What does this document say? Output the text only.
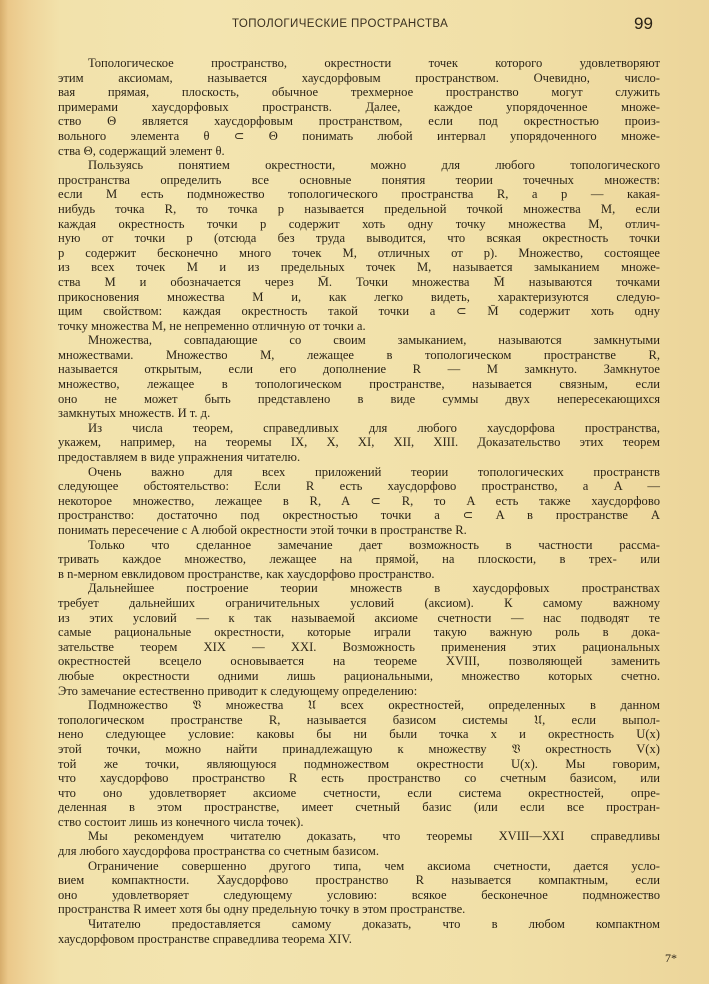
ТОПОЛОГИЧЕСКИЕ ПРОСТРАНСТВА	99
Топологическое пространство, окрестности точек которого удовлетворяют
этим аксиомам, называется хаусдорфовым пространством. Очевидно, число-
вая прямая, плоскость, обычное трехмерное пространство могут служить
примерами хаусдорфовых пространств. Далее, каждое упорядоченное множе-
ство Θ является хаусдорфовым пространством, если под окрестностью произ-
вольного элемента θ ⊂ Θ понимать любой интервал упорядоченного множе-
ства Θ, содержащий элемент θ.
Пользуясь понятием окрестности, можно для любого топологического
пространства определить все основные понятия теории точечных множеств:
если M есть подмножество топологического пространства R, а p — какая-
нибудь точка R, то точка p называется предельной точкой множества M, если
каждая окрестность точки p содержит хоть одну точку множества M, отлич-
ную от точки p (отсюда без труда выводится, что всякая окрестность точки
p содержит бесконечно много точек M, отличных от p). Множество, состоящее
из всех точек M и из предельных точек M, называется замыканием множе-
ства M и обозначается через M̄. Точки множества M̄ называются точками
прикосновения множества M и, как легко видеть, характеризуются следую-
щим свойством: каждая окрестность такой точки a ⊂ M̄ содержит хоть одну
точку множества M, не непременно отличную от точки a.
Множества, совпадающие со своим замыканием, называются замкнутыми
множествами. Множество M, лежащее в топологическом пространстве R,
называется открытым, если его дополнение R — M замкнуто. Замкнутое
множество, лежащее в топологическом пространстве, называется связным, если
оно не может быть представлено в виде суммы двух непересекающихся
замкнутых множеств. И т. д.
Из числа теорем, справедливых для любого хаусдорфова пространства,
укажем, например, на теоремы IX, X, XI, XII, XIII. Доказательство этих теорем
предоставляем в виде упражнения читателю.
Очень важно для всех приложений теории топологических пространств
следующее обстоятельство: Если R есть хаусдорфово пространство, а A —
некоторое множество, лежащее в R, A ⊂ R, то A есть также хаусдорфово
пространство: достаточно под окрестностью точки a ⊂ A в пространстве A
понимать пересечение с A любой окрестности этой точки в пространстве R.
Только что сделанное замечание дает возможность в частности рассма-
тривать каждое множество, лежащее на прямой, на плоскости, в трех- или
в n-мерном евклидовом пространстве, как хаусдорфово пространство.
Дальнейшее построение теории множеств в хаусдорфовых пространствах
требует дальнейших ограничительных условий (аксиом). К самому важному
из этих условий — к так называемой аксиоме счетности — нас подводят те
самые рациональные окрестности, которые играли такую важную роль в дока-
зательстве теорем XIX — XXI. Возможность применения этих рациональных
окрестностей всецело основывается на теореме XVIII, позволяющей заменить
любые окрестности одними лишь рациональными, множество которых счетно.
Это замечание естественно приводит к следующему определению:
Подмножество 𝔙 множества 𝔘 всех окрестностей, определенных в данном
топологическом пространстве R, называется базисом системы 𝔘, если выпол-
нено следующее условие: каковы бы ни были точка x и окрестность U(x)
этой точки, можно найти принадлежащую к множеству 𝔙 окрестность V(x)
той же точки, являющуюся подмножеством окрестности U(x). Мы говорим,
что хаусдорфово пространство R есть пространство со счетным базисом, или
что оно удовлетворяет аксиоме счетности, если система окрестностей, опре-
деленная в этом пространстве, имеет счетный базис (или если все простран-
ство состоит лишь из конечного числа точек).
Мы рекомендуем читателю доказать, что теоремы XVIII—XXI справедливы
для любого хаусдорфова пространства со счетным базисом.
Ограничение совершенно другого типа, чем аксиома счетности, дается усло-
вием компактности. Хаусдорфово пространство R называется компактным, если
оно удовлетворяет следующему условию: всякое бесконечное подмножество
пространства R имеет хотя бы одну предельную точку в этом пространстве.
Читателю предоставляется самому доказать, что в любом компактном
хаусдорфовом пространстве справедлива теорема XIV.
7*
